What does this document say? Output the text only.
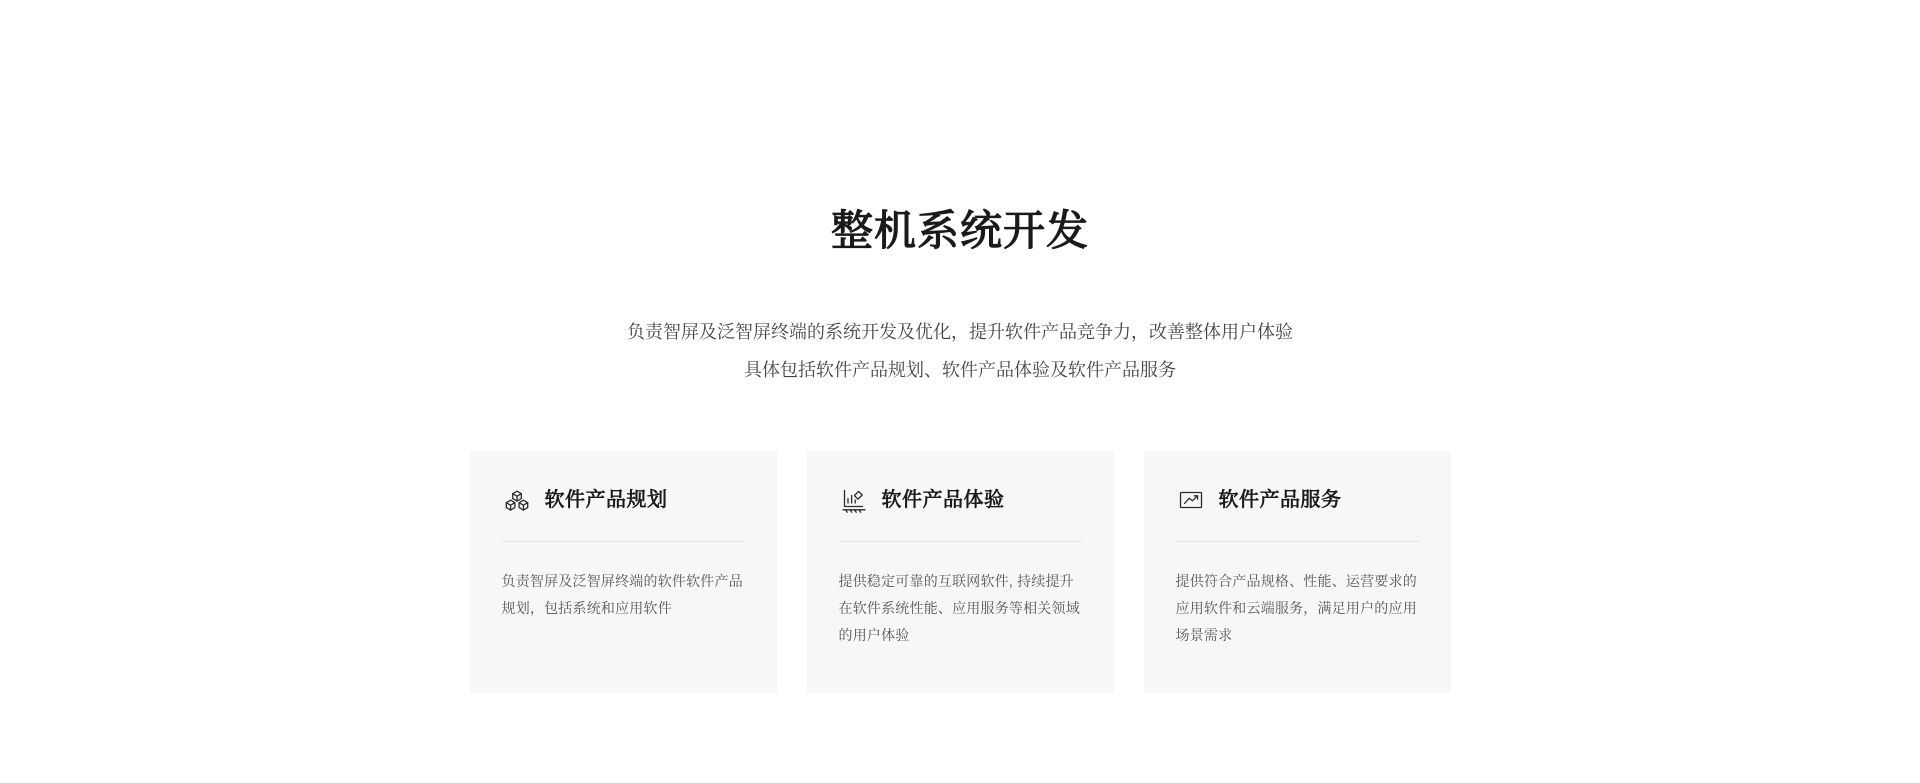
整机系统开发
负责智屏及泛智屏终端的系统开发及优化，提升软件产品竞争力，改善整体用户体验
具体包括软件产品规划、软件产品体验及软件产品服务
软件产品规划
负责智屏及泛智屏终端的软件软件产品规划，包括系统和应用软件
软件产品体验
提供稳定可靠的互联网软件, 持续提升在软件系统性能、应用服务等相关领域的用户体验
软件产品服务
提供符合产品规格、性能、运营要求的应用软件和云端服务，满足用户的应用场景需求
